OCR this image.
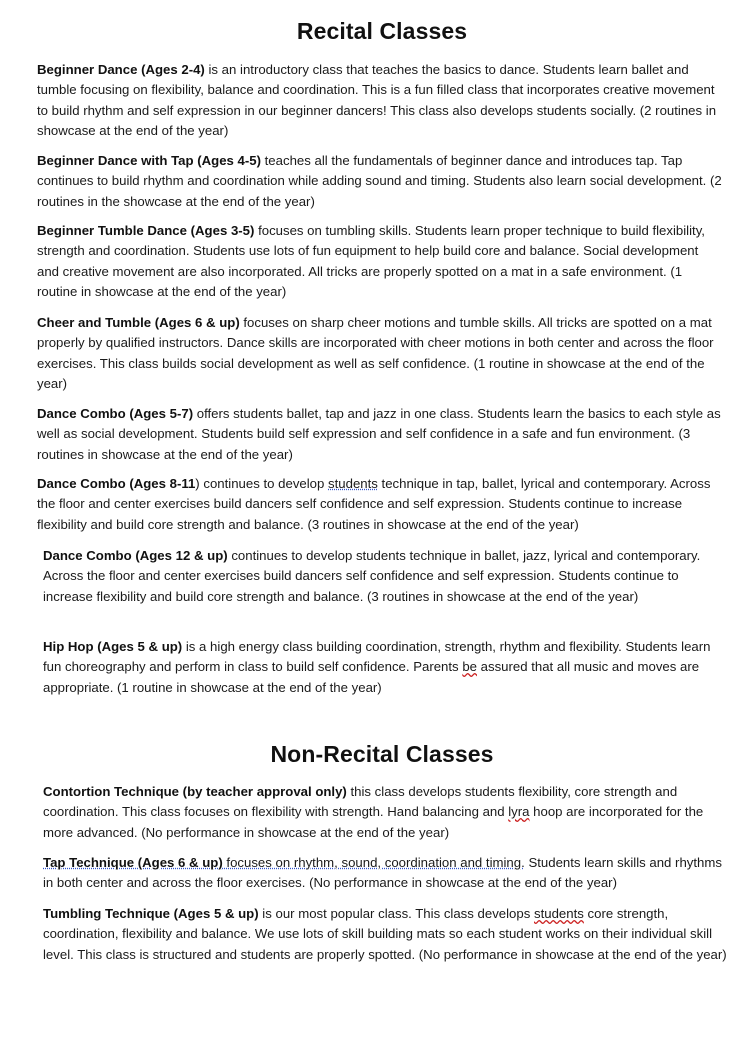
Recital Classes

Beginner Dance (Ages 2-4) is an introductory class that teaches the basics to dance. Students learn ballet and tumble focusing on flexibility, balance and coordination. This is a fun filled class that incorporates creative movement to build rhythm and self expression in our beginner dancers! This class also develops students socially. (2 routines in showcase at the end of the year)

Beginner Dance with Tap (Ages 4-5) teaches all the fundamentals of beginner dance and introduces tap. Tap continues to build rhythm and coordination while adding sound and timing. Students also learn social development. (2 routines in the showcase at the end of the year)

Beginner Tumble Dance (Ages 3-5) focuses on tumbling skills. Students learn proper technique to build flexibility, strength and coordination. Students use lots of fun equipment to help build core and balance. Social development and creative movement are also incorporated. All tricks are properly spotted on a mat in a safe environment. (1 routine in showcase at the end of the year)

Cheer and Tumble (Ages 6 & up) focuses on sharp cheer motions and tumble skills. All tricks are spotted on a mat properly by qualified instructors. Dance skills are incorporated with cheer motions in both center and across the floor exercises. This class builds social development as well as self confidence. (1 routine in showcase at the end of the year)

Dance Combo (Ages 5-7) offers students ballet, tap and jazz in one class. Students learn the basics to each style as well as social development. Students build self expression and self confidence in a safe and fun environment. (3 routines in showcase at the end of the year)

Dance Combo (Ages 8-11) continues to develop students technique in tap, ballet, lyrical and contemporary. Across the floor and center exercises build dancers self confidence and self expression. Students continue to increase flexibility and build core strength and balance. (3 routines in showcase at the end of the year)

Dance Combo (Ages 12 & up) continues to develop students technique in ballet, jazz, lyrical and contemporary. Across the floor and center exercises build dancers self confidence and self expression. Students continue to increase flexibility and build core strength and balance. (3 routines in showcase at the end of the year)

Hip Hop (Ages 5 & up) is a high energy class building coordination, strength, rhythm and flexibility. Students learn fun choreography and perform in class to build self confidence. Parents be assured that all music and moves are appropriate. (1 routine in showcase at the end of the year)

Non-Recital Classes

Contortion Technique (by teacher approval only) this class develops students flexibility, core strength and coordination. This class focuses on flexibility with strength. Hand balancing and lyra hoop are incorporated for the more advanced. (No performance in showcase at the end of the year)

Tap Technique (Ages 6 & up) focuses on rhythm, sound, coordination and timing. Students learn skills and rhythms in both center and across the floor exercises. (No performance in showcase at the end of the year)

Tumbling Technique (Ages 5 & up) is our most popular class. This class develops students core strength, coordination, flexibility and balance. We use lots of skill building mats so each student works on their individual skill level. This class is structured and students are properly spotted. (No performance in showcase at the end of the year)
